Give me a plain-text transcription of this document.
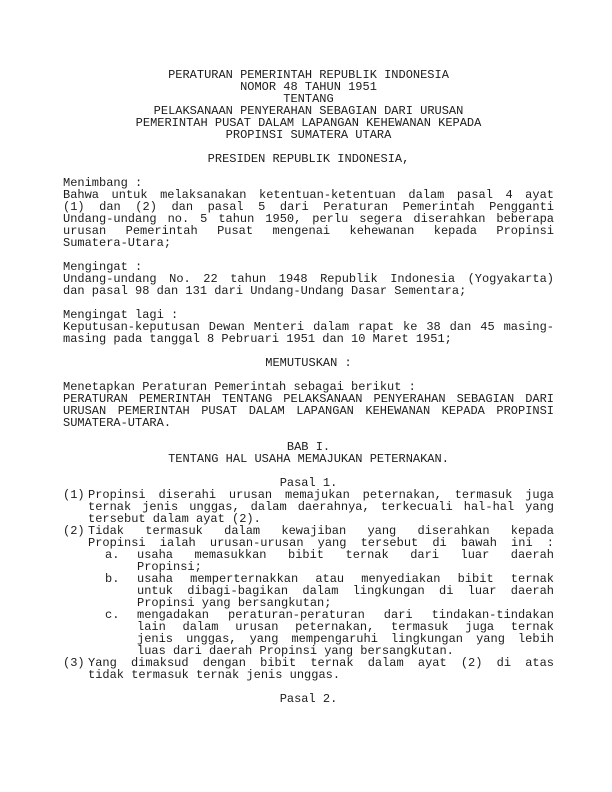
PERATURAN PEMERINTAH REPUBLIK INDONESIA
NOMOR 48 TAHUN 1951
TENTANG
PELAKSANAAN PENYERAHAN SEBAGIAN DARI URUSAN
PEMERINTAH PUSAT DALAM LAPANGAN KEHEWANAN KEPADA
PROPINSI SUMATERA UTARA
PRESIDEN REPUBLIK INDONESIA,
Menimbang :
Bahwa untuk melaksanakan ketentuan-ketentuan dalam pasal 4 ayat
(1) dan (2) dan pasal 5 dari Peraturan Pemerintah Pengganti
Undang-undang no. 5 tahun 1950, perlu segera diserahkan beberapa
urusan Pemerintah Pusat mengenai kehewanan kepada Propinsi
Sumatera-Utara;
Mengingat :
Undang-undang No. 22 tahun 1948 Republik Indonesia (Yogyakarta)
dan pasal 98 dan 131 dari Undang-Undang Dasar Sementara;
Mengingat lagi :
Keputusan-keputusan Dewan Menteri dalam rapat ke 38 dan 45 masing-
masing pada tanggal 8 Pebruari 1951 dan 10 Maret 1951;
MEMUTUSKAN :
Menetapkan Peraturan Pemerintah sebagai berikut :
PERATURAN PEMERINTAH TENTANG PELAKSANAAN PENYERAHAN SEBAGIAN DARI
URUSAN PEMERINTAH PUSAT DALAM LAPANGAN KEHEWANAN KEPADA PROPINSI
SUMATERA-UTARA.
BAB I.
TENTANG HAL USAHA MEMAJUKAN PETERNAKAN.
Pasal 1.
(1) Propinsi diserahi urusan memajukan peternakan, termasuk juga
ternak jenis unggas, dalam daerahnya, terkecuali hal-hal yang
tersebut dalam ayat (2).
(2) Tidak termasuk dalam kewajiban yang diserahkan kepada
Propinsi ialah urusan-urusan yang tersebut di bawah ini :
a. usaha memasukkan bibit ternak dari luar daerah
Propinsi;
b. usaha memperternakkan atau menyediakan bibit ternak
untuk dibagi-bagikan dalam lingkungan di luar daerah
Propinsi yang bersangkutan;
c. mengadakan peraturan-peraturan dari tindakan-tindakan
lain dalam urusan peternakan, termasuk juga ternak
jenis unggas, yang mempengaruhi lingkungan yang lebih
luas dari daerah Propinsi yang bersangkutan.
(3) Yang dimaksud dengan bibit ternak dalam ayat (2) di atas
tidak termasuk ternak jenis unggas.
Pasal 2.
